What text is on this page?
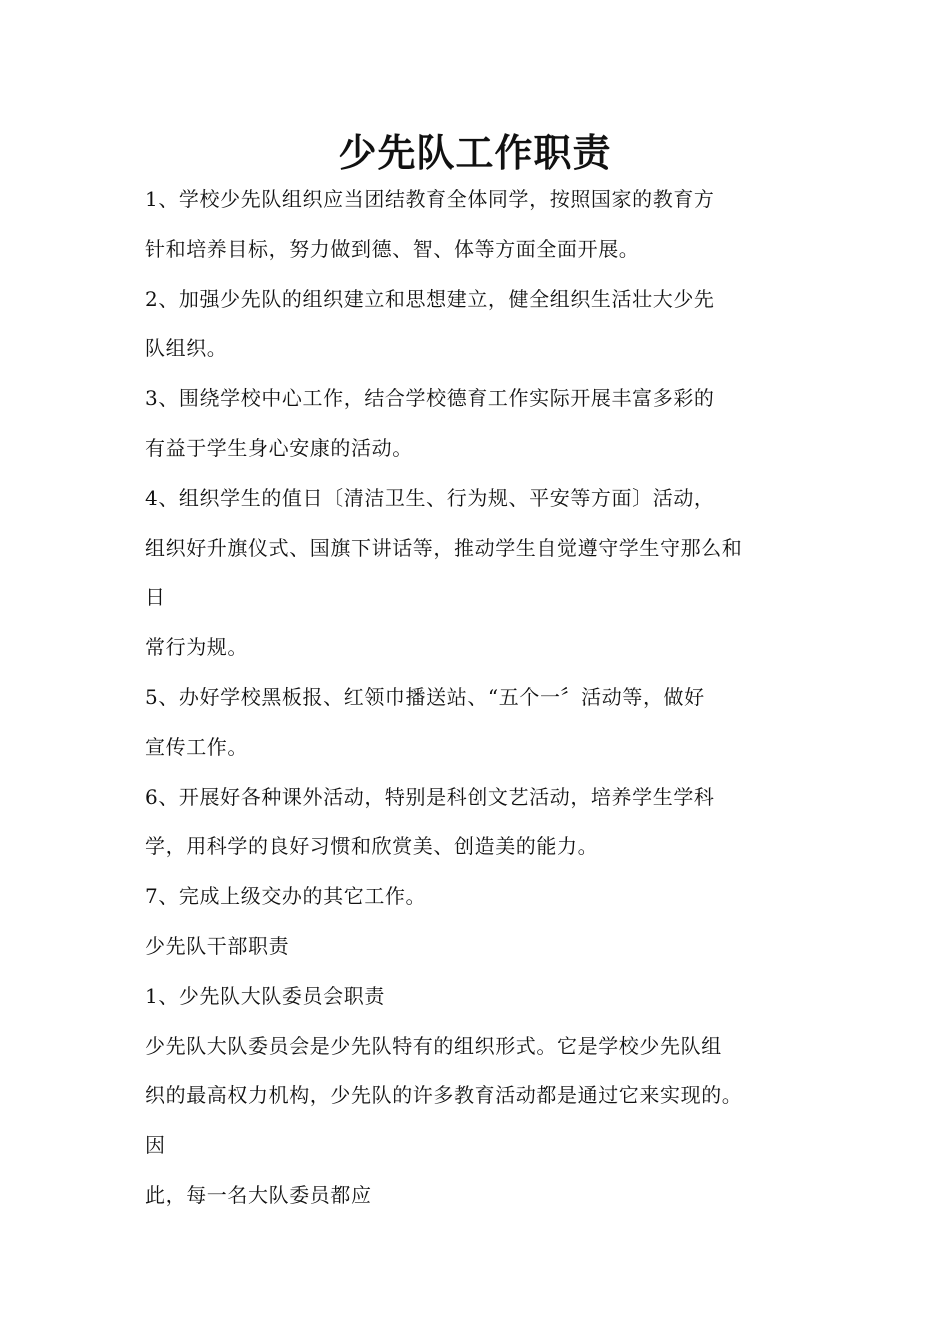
少先队工作职责
1、学校少先队组织应当团结教育全体同学，按照国家的教育方
针和培养目标，努力做到德、智、体等方面全面开展。
2、加强少先队的组织建立和思想建立，健全组织生活壮大少先
队组织。
3、围绕学校中心工作，结合学校德育工作实际开展丰富多彩的
有益于学生身心安康的活动。
4、组织学生的值日〔清洁卫生、行为规、平安等方面〕活动，
组织好升旗仪式、国旗下讲话等，推动学生自觉遵守学生守那么和
日
常行为规。
5、办好学校黑板报、红领巾播送站、“五个一〞活动等，做好
宣传工作。
6、开展好各种课外活动，特别是科创文艺活动，培养学生学科
学，用科学的良好习惯和欣赏美、创造美的能力。
7、完成上级交办的其它工作。
少先队干部职责
1、少先队大队委员会职责
少先队大队委员会是少先队特有的组织形式。它是学校少先队组
织的最高权力机构，少先队的许多教育活动都是通过它来实现的。
因
此，每一名大队委员都应
